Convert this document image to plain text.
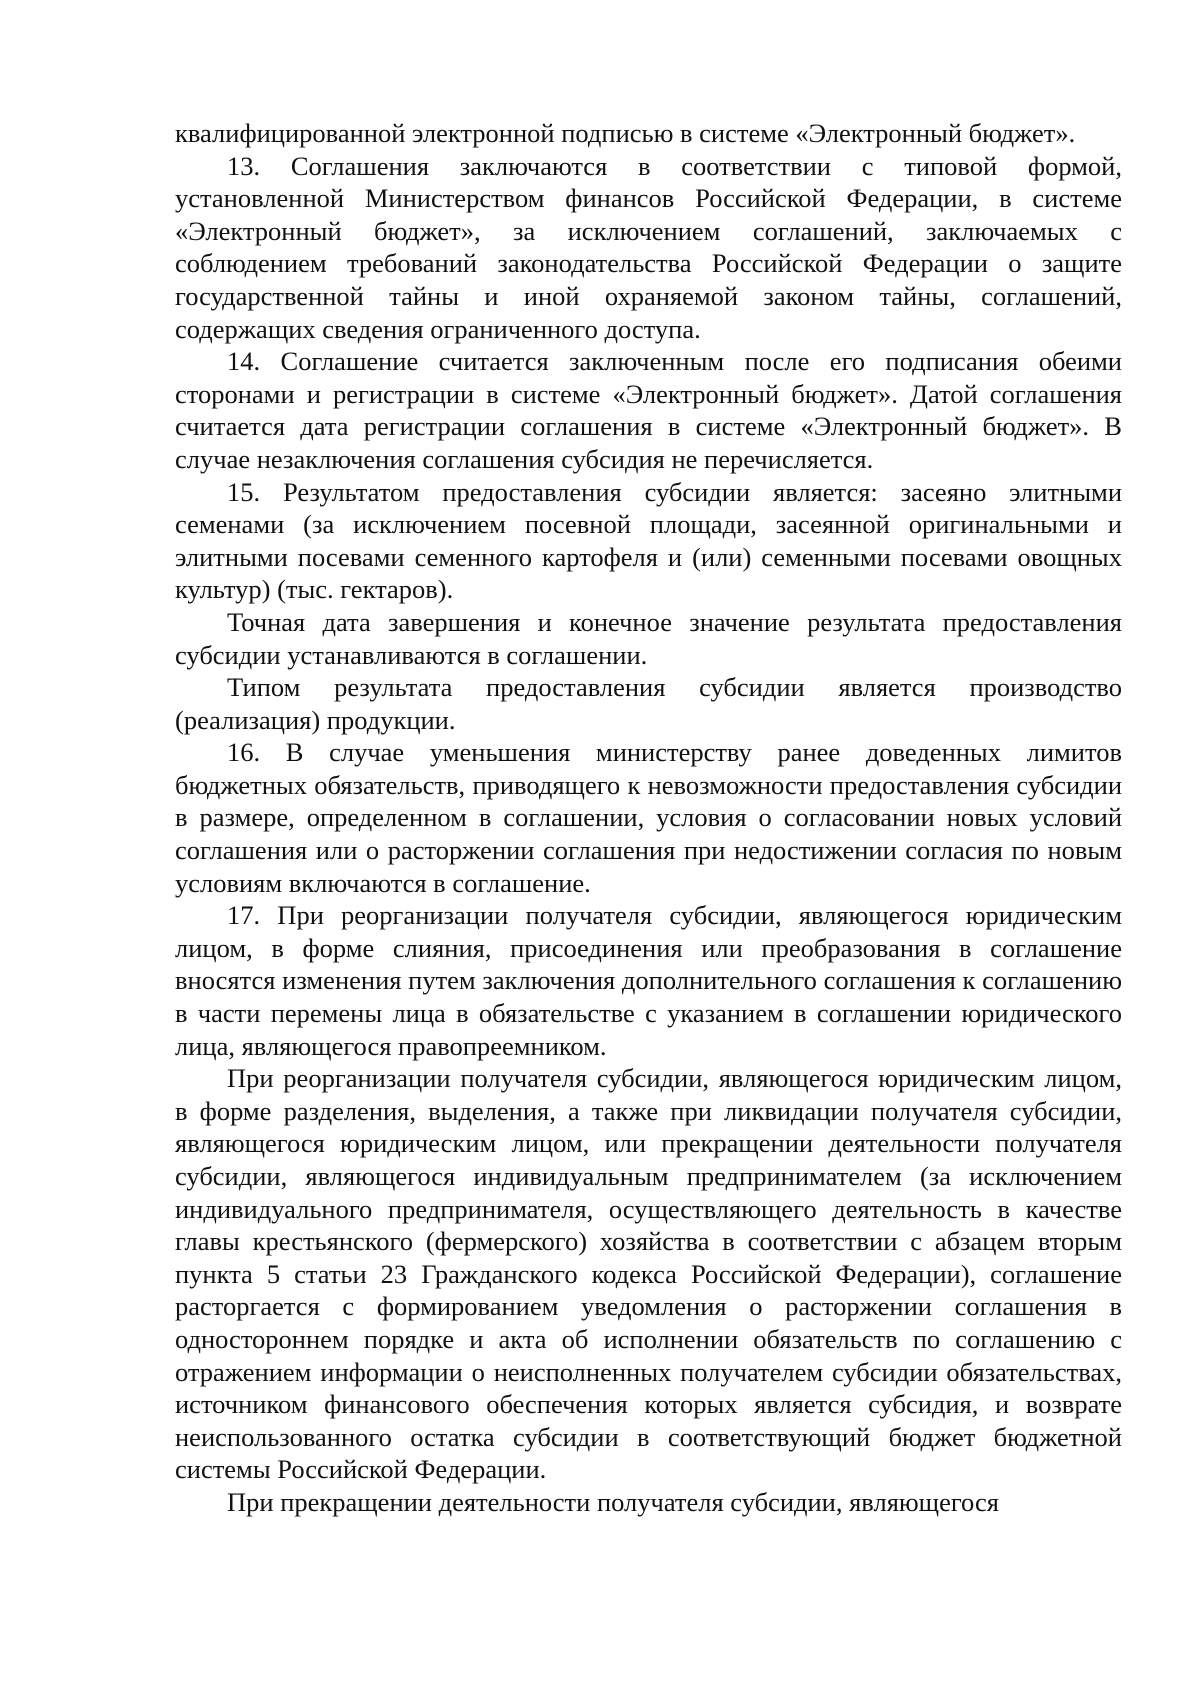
квалифицированной электронной подписью в системе «Электронный бюджет».

13. Соглашения заключаются в соответствии с типовой формой, установленной Министерством финансов Российской Федерации, в системе «Электронный бюджет», за исключением соглашений, заключаемых с соблюдением требований законодательства Российской Федерации о защите государственной тайны и иной охраняемой законом тайны, соглашений, содержащих сведения ограниченного доступа.

14. Соглашение считается заключенным после его подписания обеими сторонами и регистрации в системе «Электронный бюджет». Датой соглашения считается дата регистрации соглашения в системе «Электронный бюджет». В случае незаключения соглашения субсидия не перечисляется.

15. Результатом предоставления субсидии является: засеяно элитными семенами (за исключением посевной площади, засеянной оригинальными и элитными посевами семенного картофеля и (или) семенными посевами овощных культур) (тыс. гектаров).

Точная дата завершения и конечное значение результата предоставления субсидии устанавливаются в соглашении.

Типом результата предоставления субсидии является производство (реализация) продукции.

16. В случае уменьшения министерству ранее доведенных лимитов бюджетных обязательств, приводящего к невозможности предоставления субсидии в размере, определенном в соглашении, условия о согласовании новых условий соглашения или о расторжении соглашения при недостижении согласия по новым условиям включаются в соглашение.

17. При реорганизации получателя субсидии, являющегося юридическим лицом, в форме слияния, присоединения или преобразования в соглашение вносятся изменения путем заключения дополнительного соглашения к соглашению в части перемены лица в обязательстве с указанием в соглашении юридического лица, являющегося правопреемником.

При реорганизации получателя субсидии, являющегося юридическим лицом, в форме разделения, выделения, а также при ликвидации получателя субсидии, являющегося юридическим лицом, или прекращении деятельности получателя субсидии, являющегося индивидуальным предпринимателем (за исключением индивидуального предпринимателя, осуществляющего деятельность в качестве главы крестьянского (фермерского) хозяйства в соответствии с абзацем вторым пункта 5 статьи 23 Гражданского кодекса Российской Федерации), соглашение расторгается с формированием уведомления о расторжении соглашения в одностороннем порядке и акта об исполнении обязательств по соглашению с отражением информации о неисполненных получателем субсидии обязательствах, источником финансового обеспечения которых является субсидия, и возврате неиспользованного остатка субсидии в соответствующий бюджет бюджетной системы Российской Федерации.

При прекращении деятельности получателя субсидии, являющегося
